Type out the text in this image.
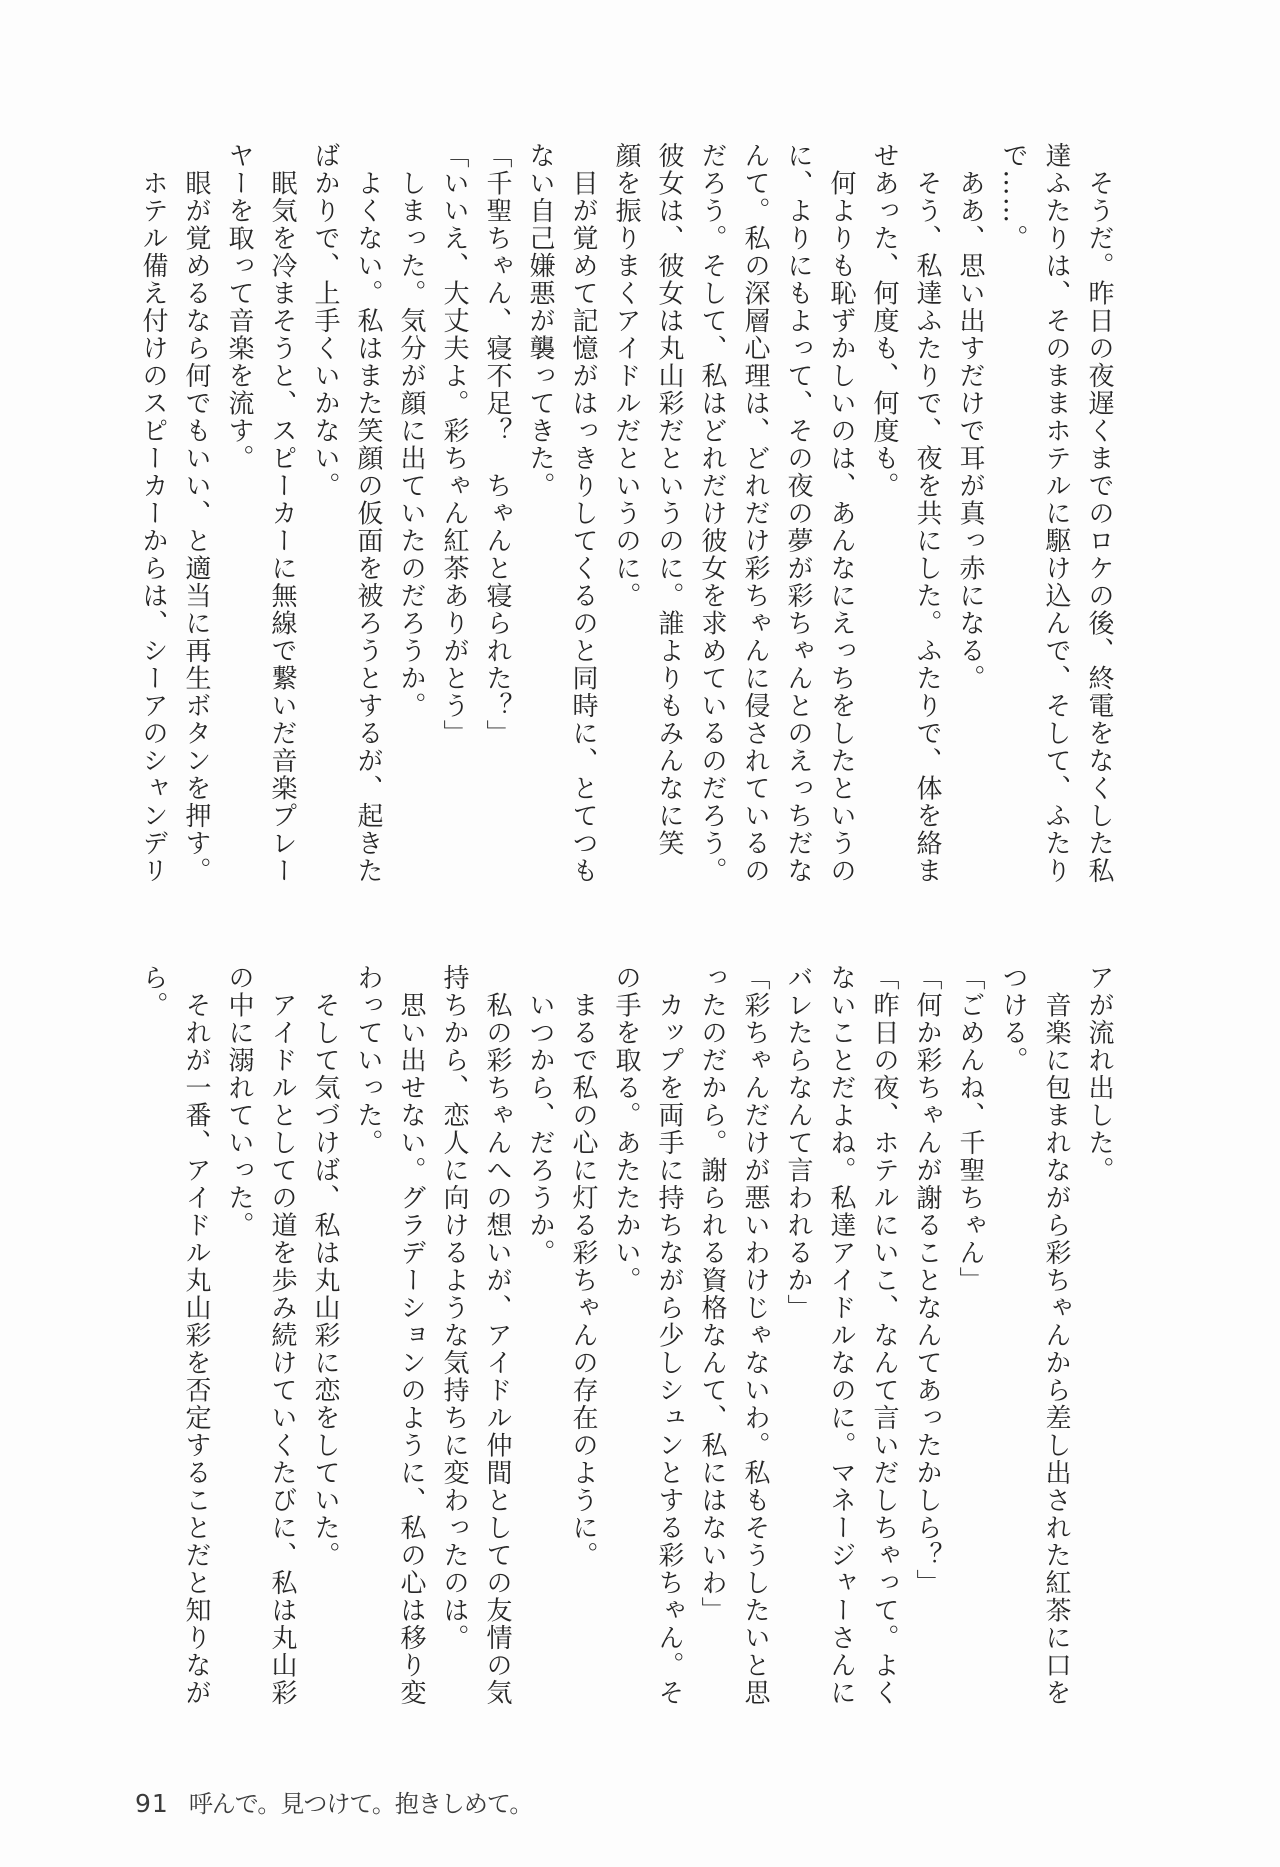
　そうだ。昨日の夜遅くまでのロケの後、終電をなくした私
達ふたりは、そのままホテルに駆け込んで、そして、ふたり
で……。
　ああ、思い出すだけで耳が真っ赤になる。
　そう、私達ふたりで、夜を共にした。ふたりで、体を絡ま
せあった、何度も、何度も。
　何よりも恥ずかしいのは、あんなにえっちをしたというの
に、よりにもよって、その夜の夢が彩ちゃんとのえっちだな
んて。私の深層心理は、どれだけ彩ちゃんに侵されているの
だろう。そして、私はどれだけ彼女を求めているのだろう。
彼女は、彼女は丸山彩だというのに。誰よりもみんなに笑
顔を振りまくアイドルだというのに。
　目が覚めて記憶がはっきりしてくるのと同時に、とてつも
ない自己嫌悪が襲ってきた。
「千聖ちゃん、寝不足？　ちゃんと寝られた？」
「いいえ、大丈夫よ。彩ちゃん紅茶ありがとう」
　しまった。気分が顔に出ていたのだろうか。
　よくない。私はまた笑顔の仮面を被ろうとするが、起きた
ばかりで、上手くいかない。
　眠気を冷まそうと、スピーカーに無線で繋いだ音楽プレー
ヤーを取って音楽を流す。
　眼が覚めるなら何でもいい、と適当に再生ボタンを押す。
　ホテル備え付けのスピーカーからは、シーアのシャンデリ
アが流れ出した。
　音楽に包まれながら彩ちゃんから差し出された紅茶に口を
つける。
「ごめんね、千聖ちゃん」
「何か彩ちゃんが謝ることなんてあったかしら？」
「昨日の夜、ホテルにいこ、なんて言いだしちゃって。よく
ないことだよね。私達アイドルなのに。マネージャーさんに
バレたらなんて言われるか」
「彩ちゃんだけが悪いわけじゃないわ。私もそうしたいと思
ったのだから。謝られる資格なんて、私にはないわ」
　カップを両手に持ちながら少しシュンとする彩ちゃん。そ
の手を取る。あたたかい。
　まるで私の心に灯る彩ちゃんの存在のように。
　いつから、だろうか。
　私の彩ちゃんへの想いが、アイドル仲間としての友情の気
持ちから、恋人に向けるような気持ちに変わったのは。
　思い出せない。グラデーションのように、私の心は移り変
わっていった。
　そして気づけば、私は丸山彩に恋をしていた。
　アイドルとしての道を歩み続けていくたびに、私は丸山彩
の中に溺れていった。
　それが一番、アイドル丸山彩を否定することだと知りなが
ら。
91 呼んで。見つけて。抱きしめて。
